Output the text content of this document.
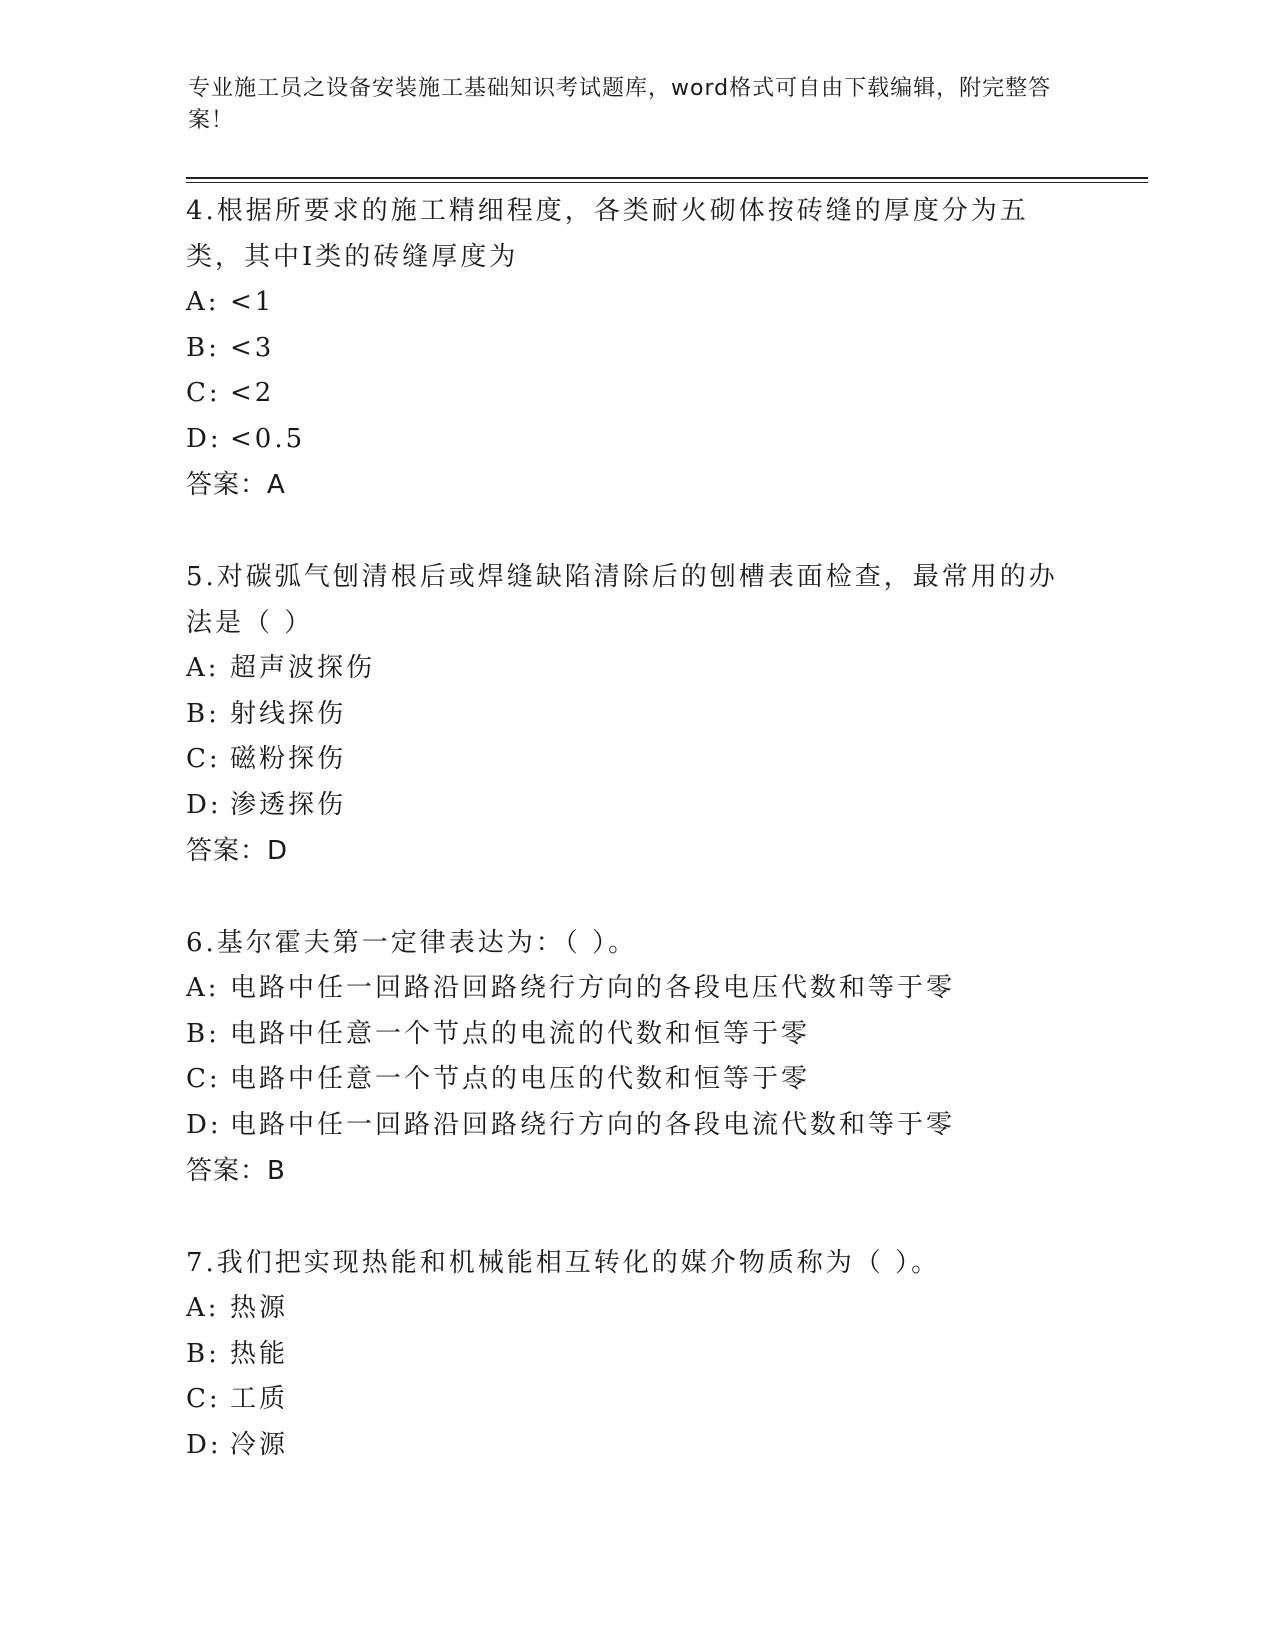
专业施工员之设备安装施工基础知识考试题库，word格式可自由下载编辑，附完整答案！

4.根据所要求的施工精细程度，各类耐火砌体按砖缝的厚度分为五类，其中Ⅰ类的砖缝厚度为

A: <1
B: <3
C: <2
D: <0.5
答案：A

5.对碳弧气刨清根后或焊缝缺陷清除后的刨槽表面检查，最常用的办法是（ ）

A: 超声波探伤
B: 射线探伤
C: 磁粉探伤
D: 渗透探伤
答案：D

6.基尔霍夫第一定律表达为：（ ）。

A: 电路中任一回路沿回路绕行方向的各段电压代数和等于零
B: 电路中任意一个节点的电流的代数和恒等于零
C: 电路中任意一个节点的电压的代数和恒等于零
D: 电路中任一回路沿回路绕行方向的各段电流代数和等于零
答案：B

7.我们把实现热能和机械能相互转化的媒介物质称为（ ）。

A: 热源
B: 热能
C: 工质
D: 冷源
